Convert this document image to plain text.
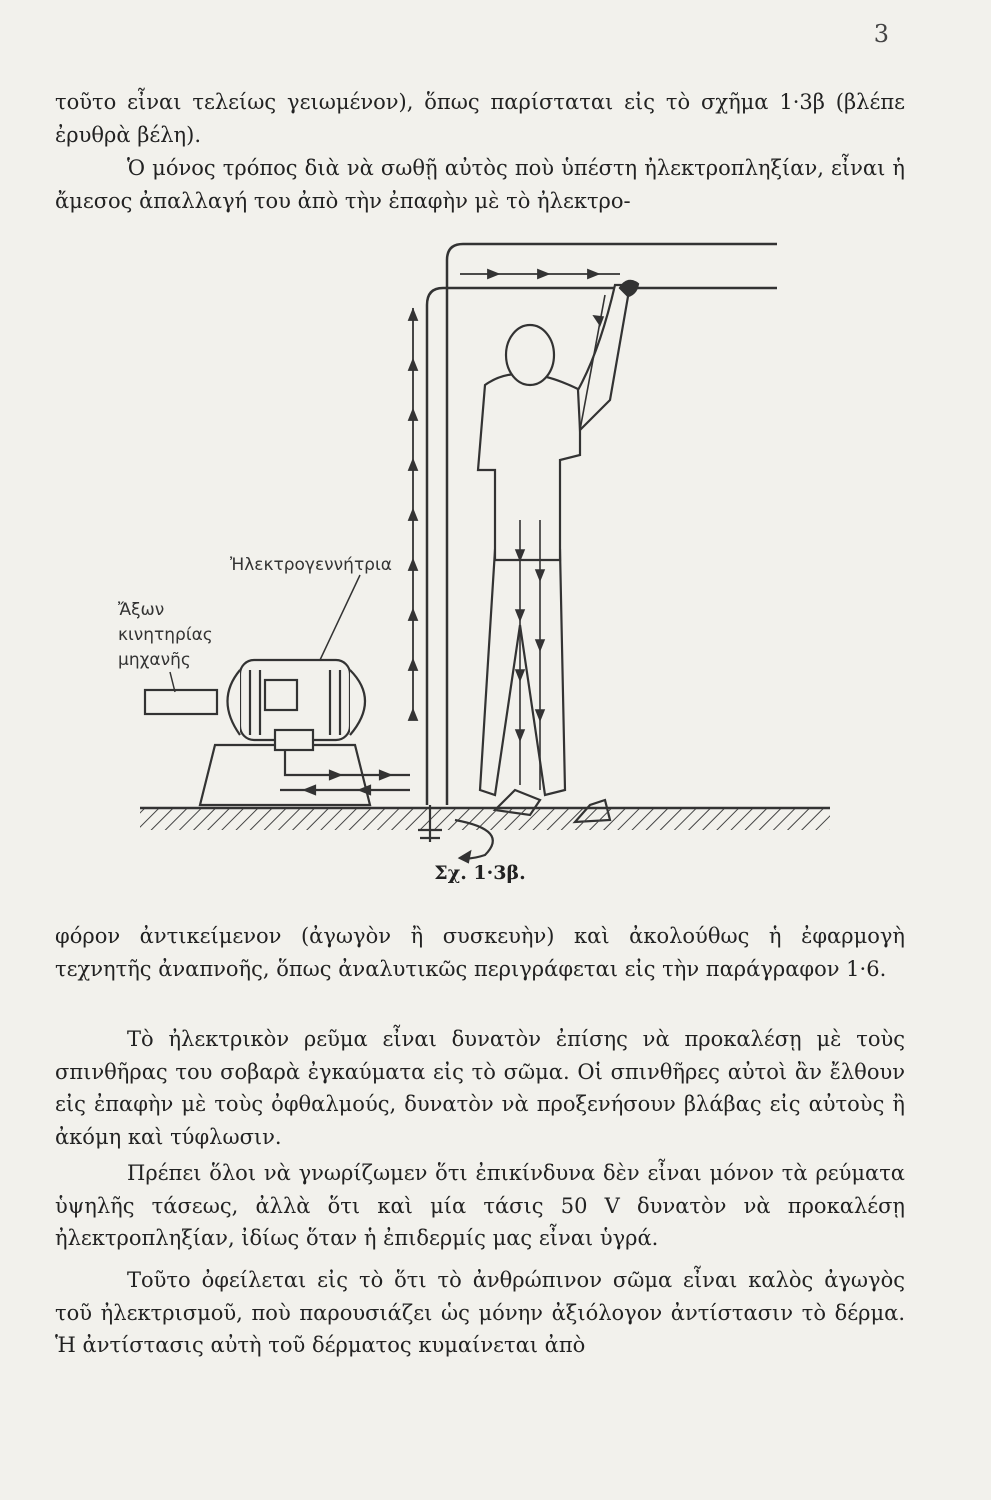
3

τοῦτο εἶναι τελείως γειωμένον), ὅπως παρίσταται εἰς τὸ σχῆμα 1·3β (βλέπε ἐρυθρὰ βέλη).

Ὁ μόνος τρόπος διὰ νὰ σωθῇ αὐτὸς ποὺ ὑπέστη ἠλεκτροπληξίαν, εἶναι ἡ ἄμεσος ἀπαλλαγή του ἀπὸ τὴν ἐπαφὴν μὲ τὸ ἠλεκτρο-

Ἠλεκτρογεννήτρια
Ἄξων
κινητηρίας
μηχανῆς
Σχ. 1·3β.

φόρον ἀντικείμενον (ἀγωγὸν ἢ συσκευὴν) καὶ ἀκολούθως ἡ ἐφαρμογὴ τεχνητῆς ἀναπνοῆς, ὅπως ἀναλυτικῶς περιγράφεται εἰς τὴν παράγραφον 1·6.

Τὸ ἠλεκτρικὸν ρεῦμα εἶναι δυνατὸν ἐπίσης νὰ προκαλέσῃ μὲ τοὺς σπινθῆρας του σοβαρὰ ἐγκαύματα εἰς τὸ σῶμα. Οἱ σπινθῆρες αὐτοὶ ἂν ἔλθουν εἰς ἐπαφὴν μὲ τοὺς ὀφθαλμούς, δυνατὸν νὰ προξενήσουν βλάβας εἰς αὐτοὺς ἢ ἀκόμη καὶ τύφλωσιν.

Πρέπει ὅλοι νὰ γνωρίζωμεν ὅτι ἐπικίνδυνα δὲν εἶναι μόνον τὰ ρεύματα ὑψηλῆς τάσεως, ἀλλὰ ὅτι καὶ μία τάσις 50 V δυνατὸν νὰ προκαλέσῃ ἠλεκτροπληξίαν, ἰδίως ὅταν ἡ ἐπιδερμίς μας εἶναι ὑγρά.

Τοῦτο ὀφείλεται εἰς τὸ ὅτι τὸ ἀνθρώπινον σῶμα εἶναι καλὸς ἀγωγὸς τοῦ ἠλεκτρισμοῦ, ποὺ παρουσιάζει ὡς μόνην ἀξιόλογον ἀντίστασιν τὸ δέρμα. Ἡ ἀντίστασις αὐτὴ τοῦ δέρματος κυμαίνεται ἀπὸ
